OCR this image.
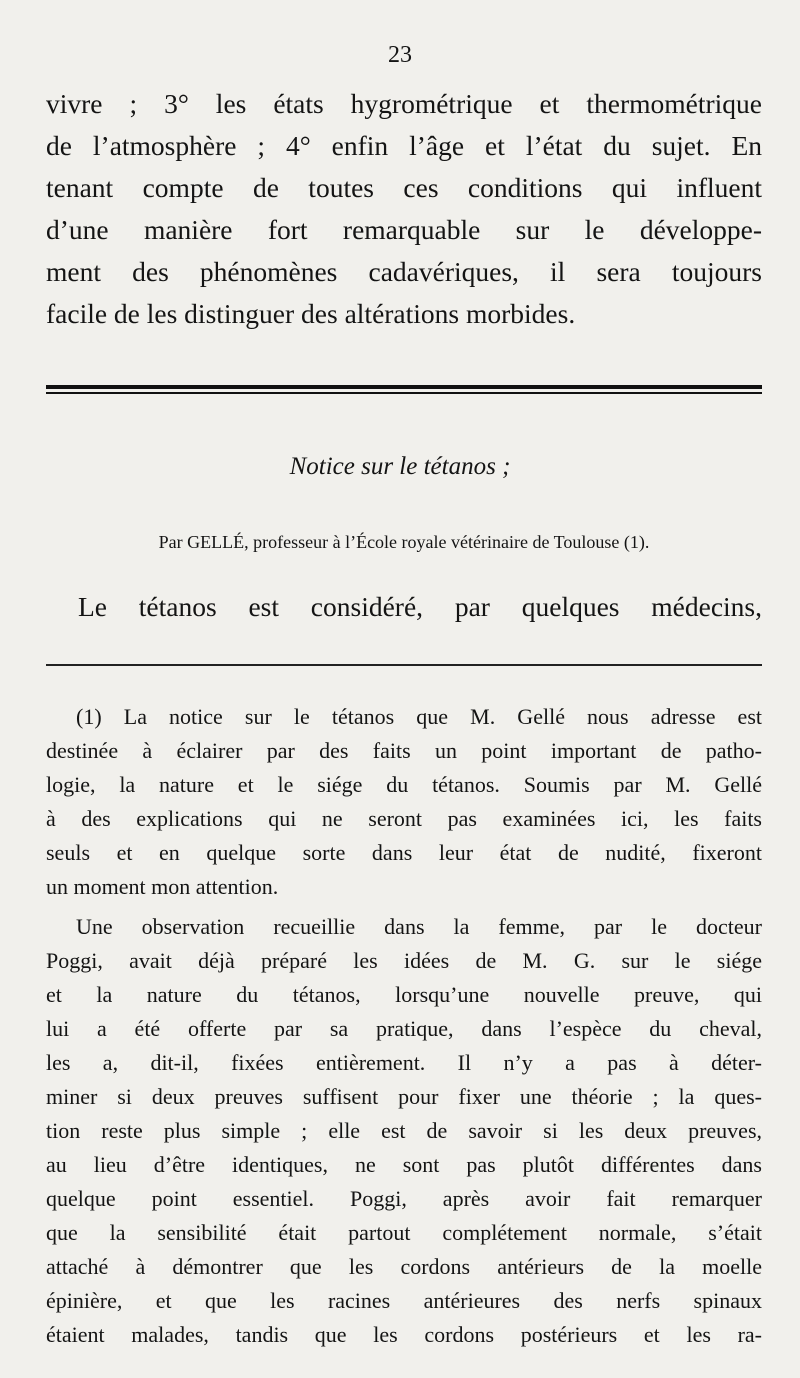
23
vivre ; 3° les états hygrométrique et thermométrique
de l’atmosphère ; 4° enfin l’âge et l’état du sujet. En
tenant compte de toutes ces conditions qui influent
d’une manière fort remarquable sur le développe-
ment des phénomènes cadavériques, il sera toujours
facile de les distinguer des altérations morbides.
Notice sur le tétanos ;
Par GELLÉ, professeur à l’École royale vétérinaire de Toulouse (1).
Le tétanos est considéré, par quelques médecins,
(1) La notice sur le tétanos que M. Gellé nous adresse est
destinée à éclairer par des faits un point important de patho-
logie, la nature et le siége du tétanos. Soumis par M. Gellé
à des explications qui ne seront pas examinées ici, les faits
seuls et en quelque sorte dans leur état de nudité, fixeront
un moment mon attention.
Une observation recueillie dans la femme, par le docteur
Poggi, avait déjà préparé les idées de M. G. sur le siége
et la nature du tétanos, lorsqu’une nouvelle preuve, qui
lui a été offerte par sa pratique, dans l’espèce du cheval,
les a, dit-il, fixées entièrement. Il n’y a pas à déter-
miner si deux preuves suffisent pour fixer une théorie ; la ques-
tion reste plus simple ; elle est de savoir si les deux preuves,
au lieu d’être identiques, ne sont pas plutôt différentes dans
quelque point essentiel. Poggi, après avoir fait remarquer
que la sensibilité était partout complétement normale, s’était
attaché à démontrer que les cordons antérieurs de la moelle
épinière, et que les racines antérieures des nerfs spinaux
étaient malades, tandis que les cordons postérieurs et les ra-
